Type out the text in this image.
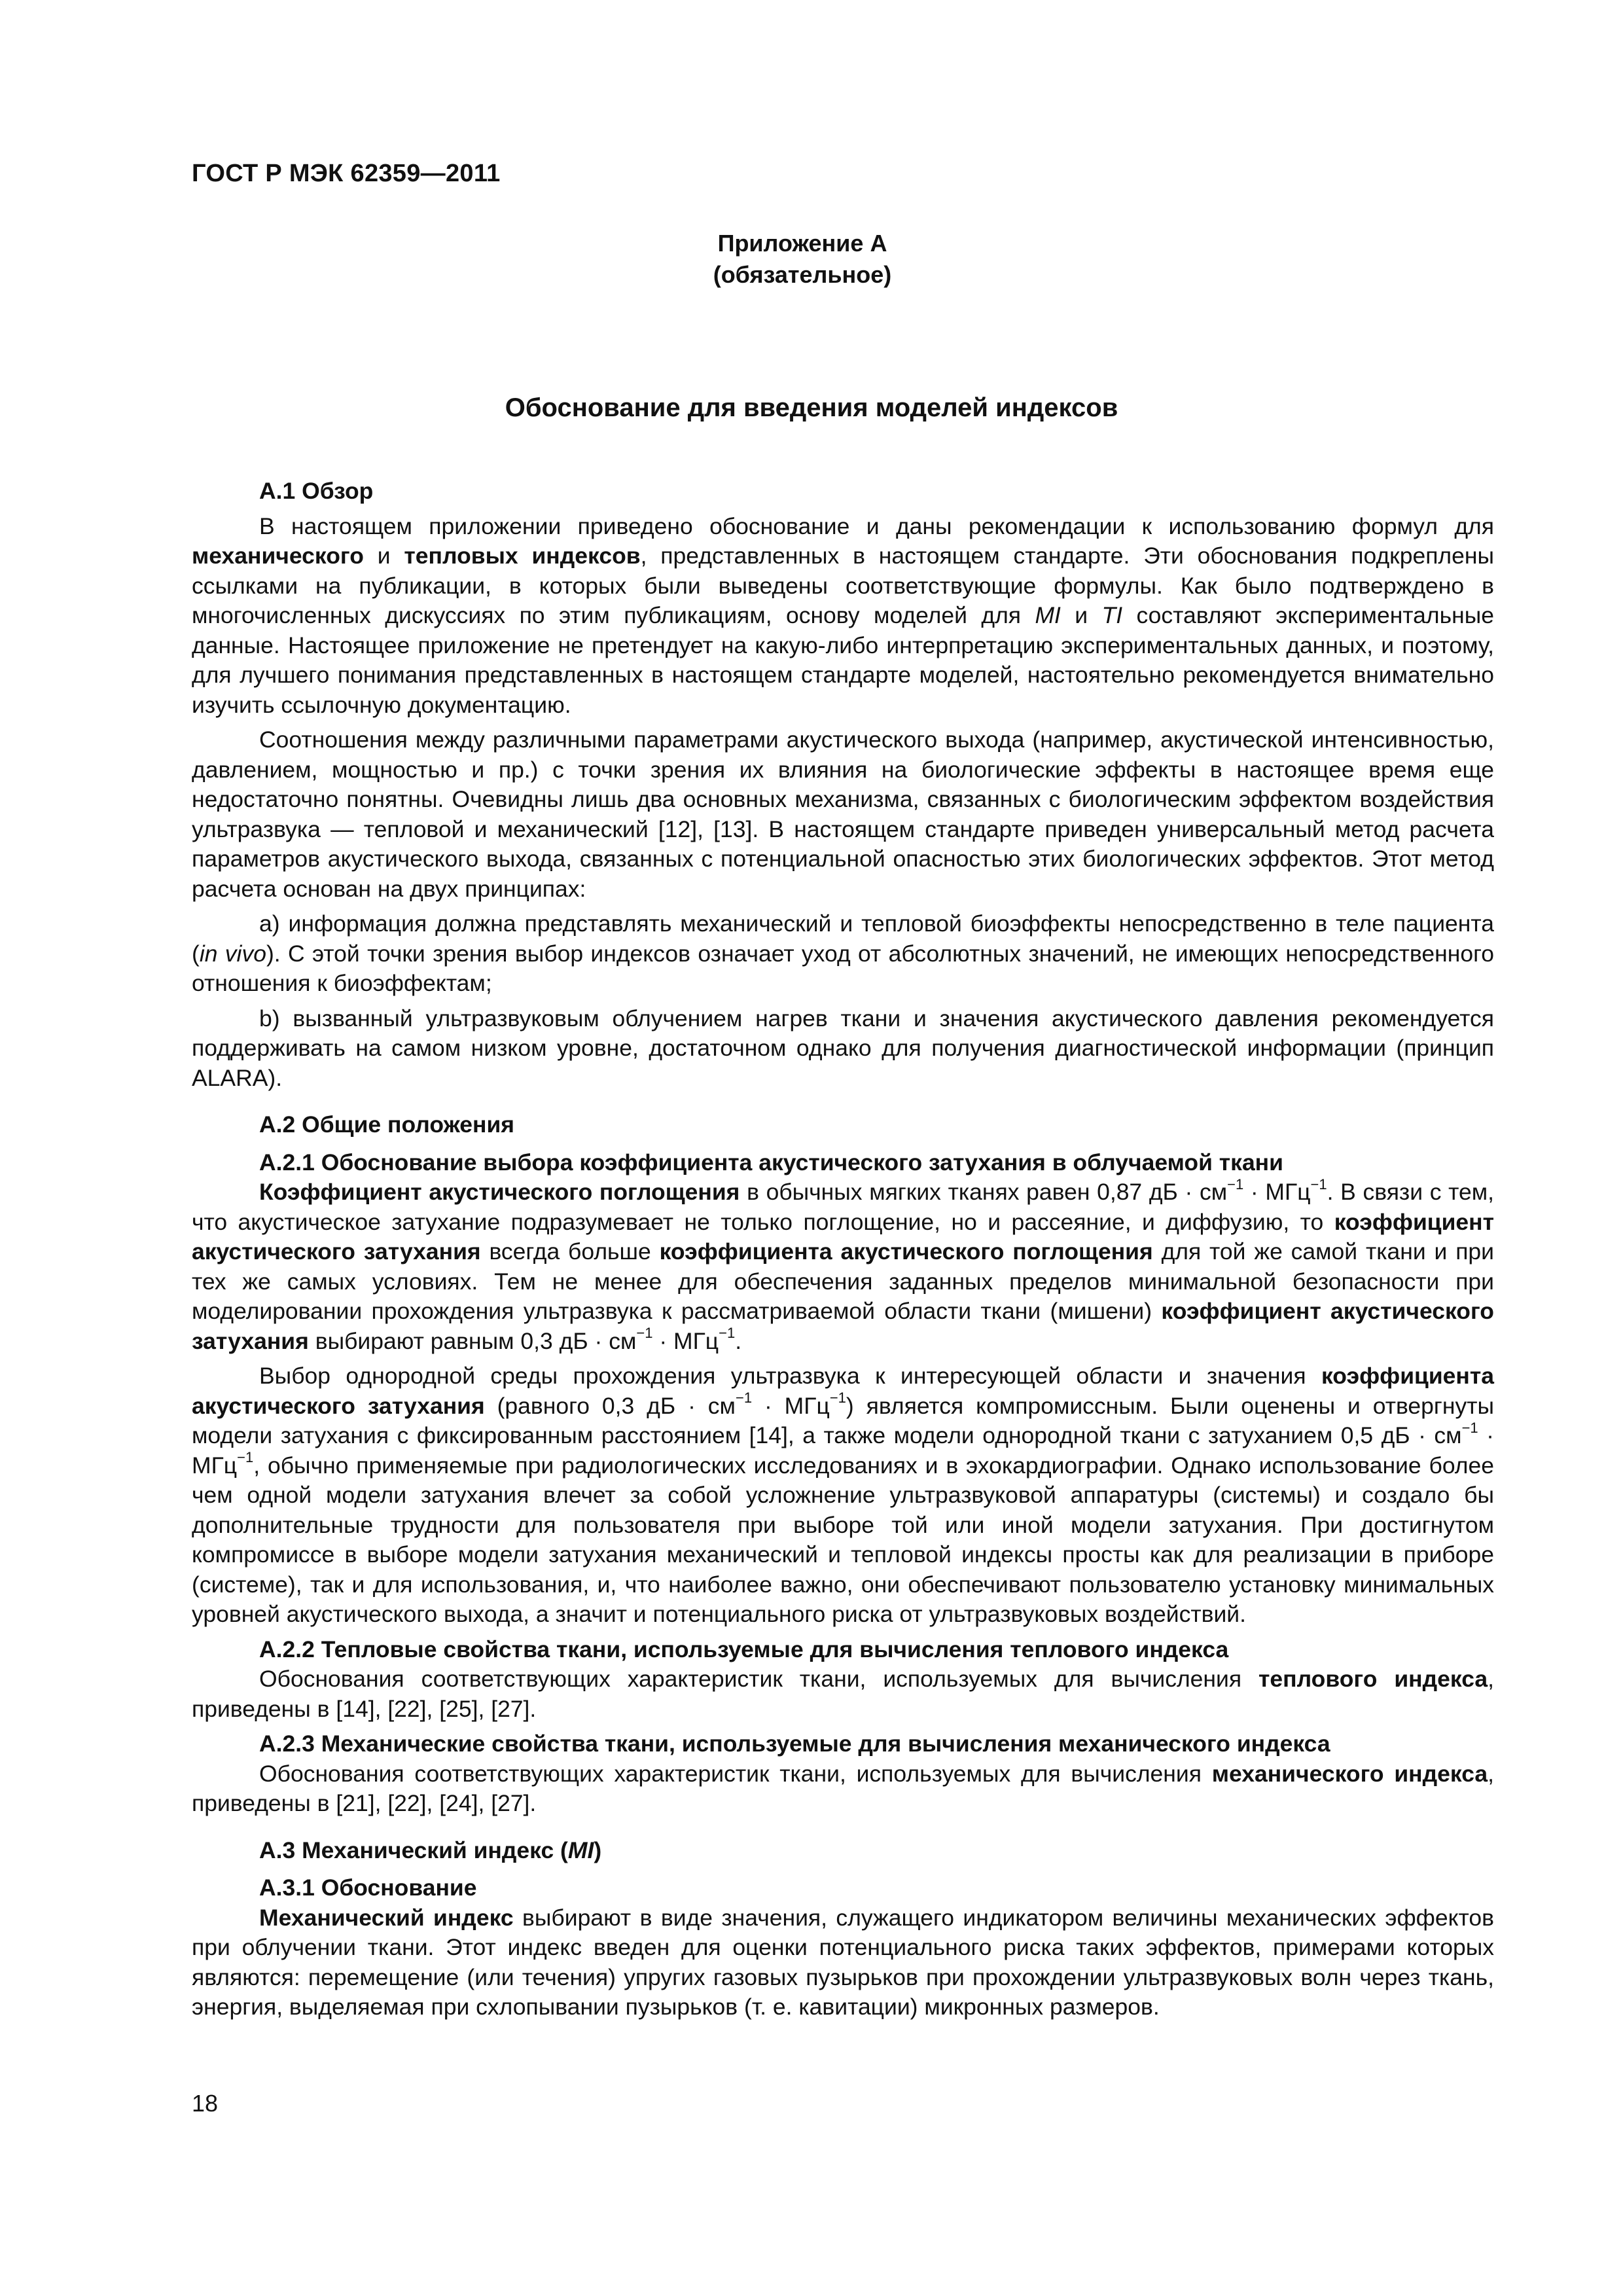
ГОСТ Р МЭК 62359—2011
Приложение А
(обязательное)
Обоснование для введения моделей индексов

А.1 Обзор

В настоящем приложении приведено обоснование и даны рекомендации к использованию формул для механического и тепловых индексов, представленных в настоящем стандарте. Эти обоснования подкреплены ссылками на публикации, в которых были выведены соответствующие формулы. Как было подтверждено в многочисленных дискуссиях по этим публикациям, основу моделей для MI и TI составляют экспериментальные данные. Настоящее приложение не претендует на какую-либо интерпретацию экспериментальных данных, и поэтому, для лучшего понимания представленных в настоящем стандарте моделей, настоятельно рекомендуется внимательно изучить ссылочную документацию.

Соотношения между различными параметрами акустического выхода (например, акустической интенсивностью, давлением, мощностью и пр.) с точки зрения их влияния на биологические эффекты в настоящее время еще недостаточно понятны. Очевидны лишь два основных механизма, связанных с биологическим эффектом воздействия ультразвука — тепловой и механический [12], [13]. В настоящем стандарте приведен универсальный метод расчета параметров акустического выхода, связанных с потенциальной опасностью этих биологических эффектов. Этот метод расчета основан на двух принципах:

a) информация должна представлять механический и тепловой биоэффекты непосредственно в теле пациента (in vivo). С этой точки зрения выбор индексов означает уход от абсолютных значений, не имеющих непосредственного отношения к биоэффектам;

b) вызванный ультразвуковым облучением нагрев ткани и значения акустического давления рекомендуется поддерживать на самом низком уровне, достаточном однако для получения диагностической информации (принцип ALARA).

А.2 Общие положения

А.2.1 Обоснование выбора коэффициента акустического затухания в облучаемой ткани

Коэффициент акустического поглощения в обычных мягких тканях равен 0,87 дБ · $см^{-1} \cdot МГц^{-1}$. В связи с тем, что акустическое затухание подразумевает не только поглощение, но и рассеяние, и диффузию, то коэффициент акустического затухания всегда больше коэффициента акустического поглощения для той же самой ткани и при тех же самых условиях. Тем не менее для обеспечения заданных пределов минимальной безопасности при моделировании прохождения ультразвука к рассматриваемой области ткани (мишени) коэффициент акустического затухания выбирают равным 0,3 дБ · $см^{-1} \cdot МГц^{-1}$.

Выбор однородной среды прохождения ультразвука к интересующей области и значения коэффициента акустического затухания (равного 0,3 дБ · $см^{-1} \cdot МГц^{-1}$) является компромиссным. Были оценены и отвергнуты модели затухания с фиксированным расстоянием [14], а также модели однородной ткани с затуханием 0,5 дБ · $см^{-1} \cdot МГц^{-1}$, обычно применяемые при радиологических исследованиях и в эхокардиографии. Однако использование более чем одной модели затухания влечет за собой усложнение ультразвуковой аппаратуры (системы) и создало бы дополнительные трудности для пользователя при выборе той или иной модели затухания. При достигнутом компромиссе в выборе модели затухания механический и тепловой индексы просты как для реализации в приборе (системе), так и для использования, и, что наиболее важно, они обеспечивают пользователю установку минимальных уровней акустического выхода, а значит и потенциального риска от ультразвуковых воздействий.

А.2.2 Тепловые свойства ткани, используемые для вычисления теплового индекса

Обоснования соответствующих характеристик ткани, используемых для вычисления теплового индекса, приведены в [14], [22], [25], [27].

А.2.3 Механические свойства ткани, используемые для вычисления механического индекса

Обоснования соответствующих характеристик ткани, используемых для вычисления механического индекса, приведены в [21], [22], [24], [27].

А.3 Механический индекс (MI)

А.3.1 Обоснование

Механический индекс выбирают в виде значения, служащего индикатором величины механических эффектов при облучении ткани. Этот индекс введен для оценки потенциального риска таких эффектов, примерами которых являются: перемещение (или течения) упругих газовых пузырьков при прохождении ультразвуковых волн через ткань, энергия, выделяемая при схлопывании пузырьков (т. е. кавитации) микронных размеров.

18
